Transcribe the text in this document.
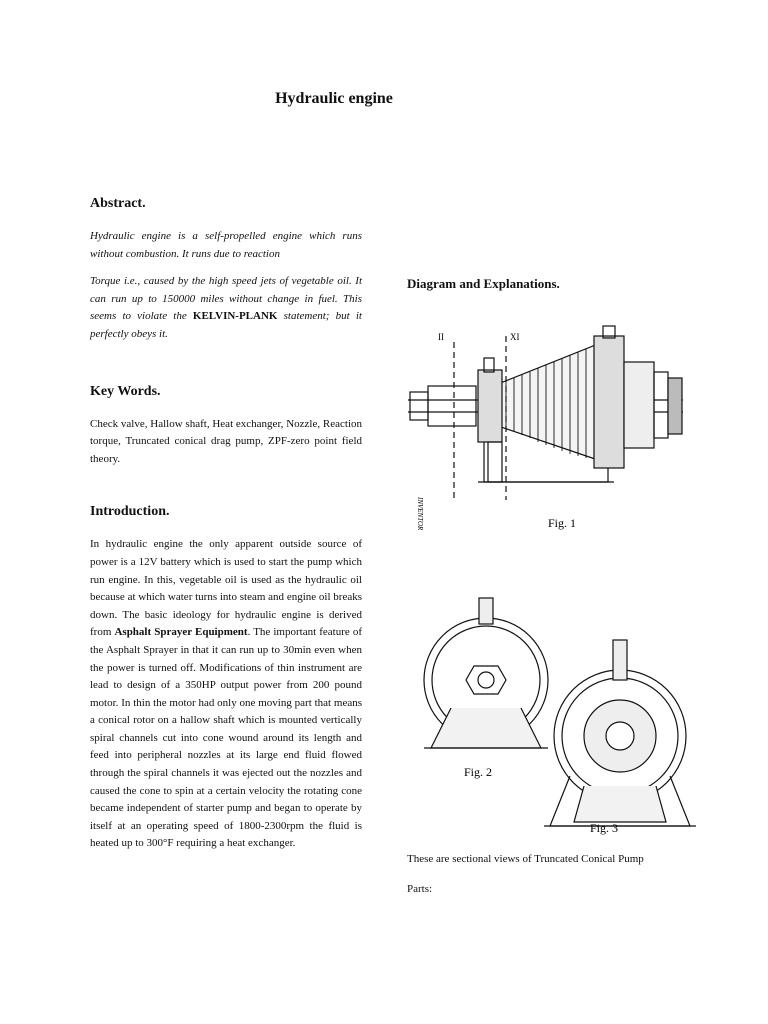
Hydraulic engine
Abstract.

Hydraulic engine is a self-propelled engine which runs without combustion. It runs due to reaction

Torque i.e., caused by the high speed jets of vegetable oil. It can run up to 150000 miles without change in fuel. This seems to violate the KELVIN-PLANK statement; but it perfectly obeys it.

Key Words.

Check valve, Hallow shaft, Heat exchanger, Nozzle, Reaction torque, Truncated conical drag pump, ZPF-zero point field theory.

Introduction.

In hydraulic engine the only apparent outside source of power is a 12V battery which is used to start the pump which run engine. In this, vegetable oil is used as the hydraulic oil because at which water turns into steam and engine oil breaks down. The basic ideology for hydraulic engine is derived from Asphalt Sprayer Equipment. The important feature of the Asphalt Sprayer in that it can run up to 30min even when the power is turned off. Modifications of thin instrument are lead to design of a 350HP output power from 200 pound motor. In thin the motor had only one moving part that means a conical rotor on a hallow shaft which is mounted vertically spiral channels cut into cone wound around its length and feed into peripheral nozzles at its large end fluid flowed through the spiral channels it was ejected out the nozzles and caused the cone to spin at a certain velocity the rotating cone became independent of starter pump and began to operate by itself at an operating speed of 1800-2300rpm the fluid is heated up to 300°F requiring a heat exchanger.

Diagram and Explanations.
II	XI
Fig. 1
INVENTOR
Fig. 2
Fig. 3
These are sectional views of Truncated Conical Pump
Parts:
